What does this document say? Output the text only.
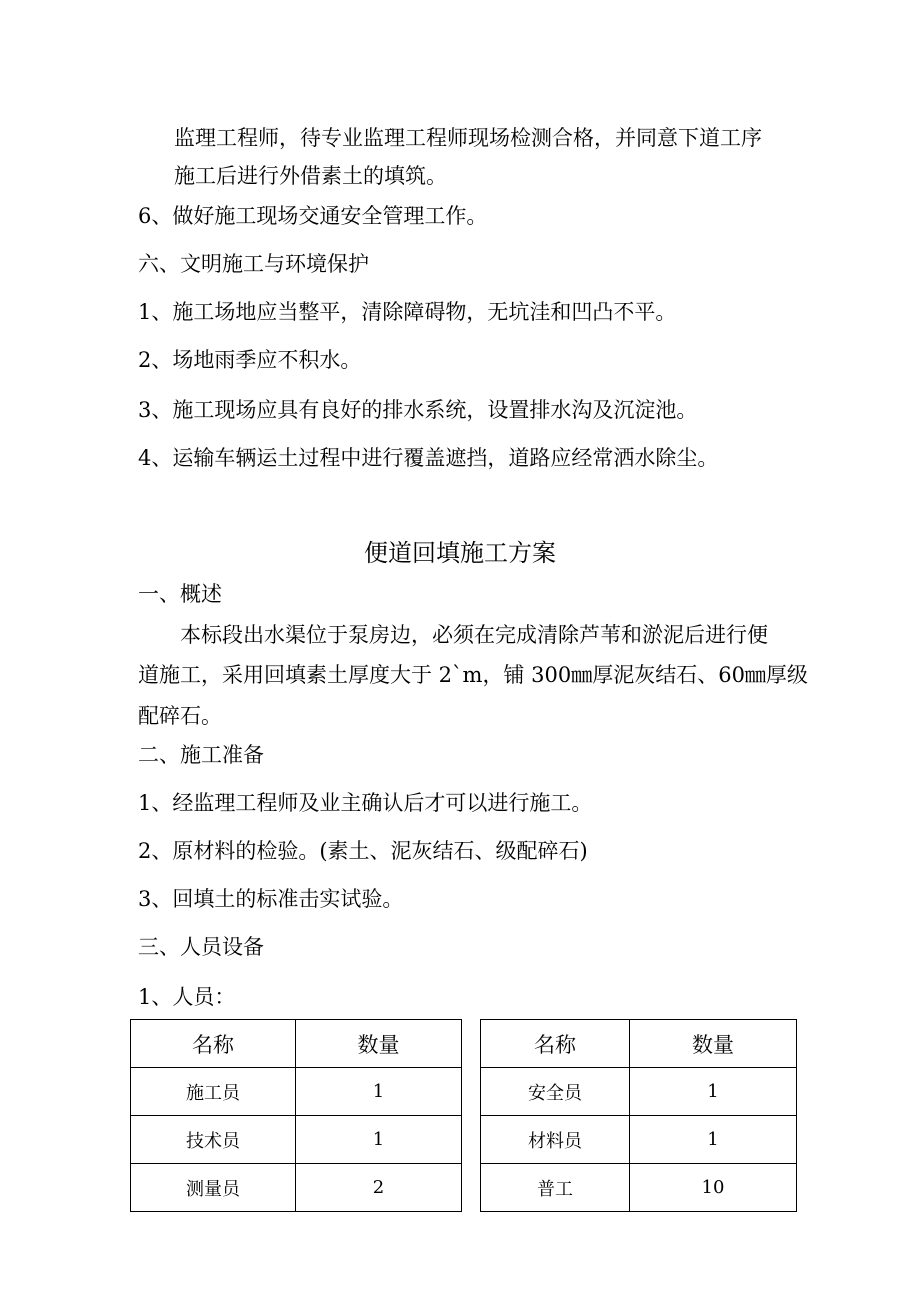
监理工程师，待专业监理工程师现场检测合格，并同意下道工序
施工后进行外借素土的填筑。
6、做好施工现场交通安全管理工作。
六、文明施工与环境保护
1、施工场地应当整平，清除障碍物，无坑洼和凹凸不平。
2、场地雨季应不积水。
3、施工现场应具有良好的排水系统，设置排水沟及沉淀池。
4、运输车辆运土过程中进行覆盖遮挡，道路应经常洒水除尘。
便道回填施工方案
一、概述
本标段出水渠位于泵房边，必须在完成清除芦苇和淤泥后进行便
道施工，采用回填素土厚度大于 2`m，铺 300㎜厚泥灰结石、60㎜厚级
配碎石。
二、施工准备
1、经监理工程师及业主确认后才可以进行施工。
2、原材料的检验。(素土、泥灰结石、级配碎石)
3、回填土的标准击实试验。
三、人员设备
1、人员：
名称	数量		名称	数量
施工员	1		安全员	1
技术员	1		材料员	1
测量员	2		普工	10
